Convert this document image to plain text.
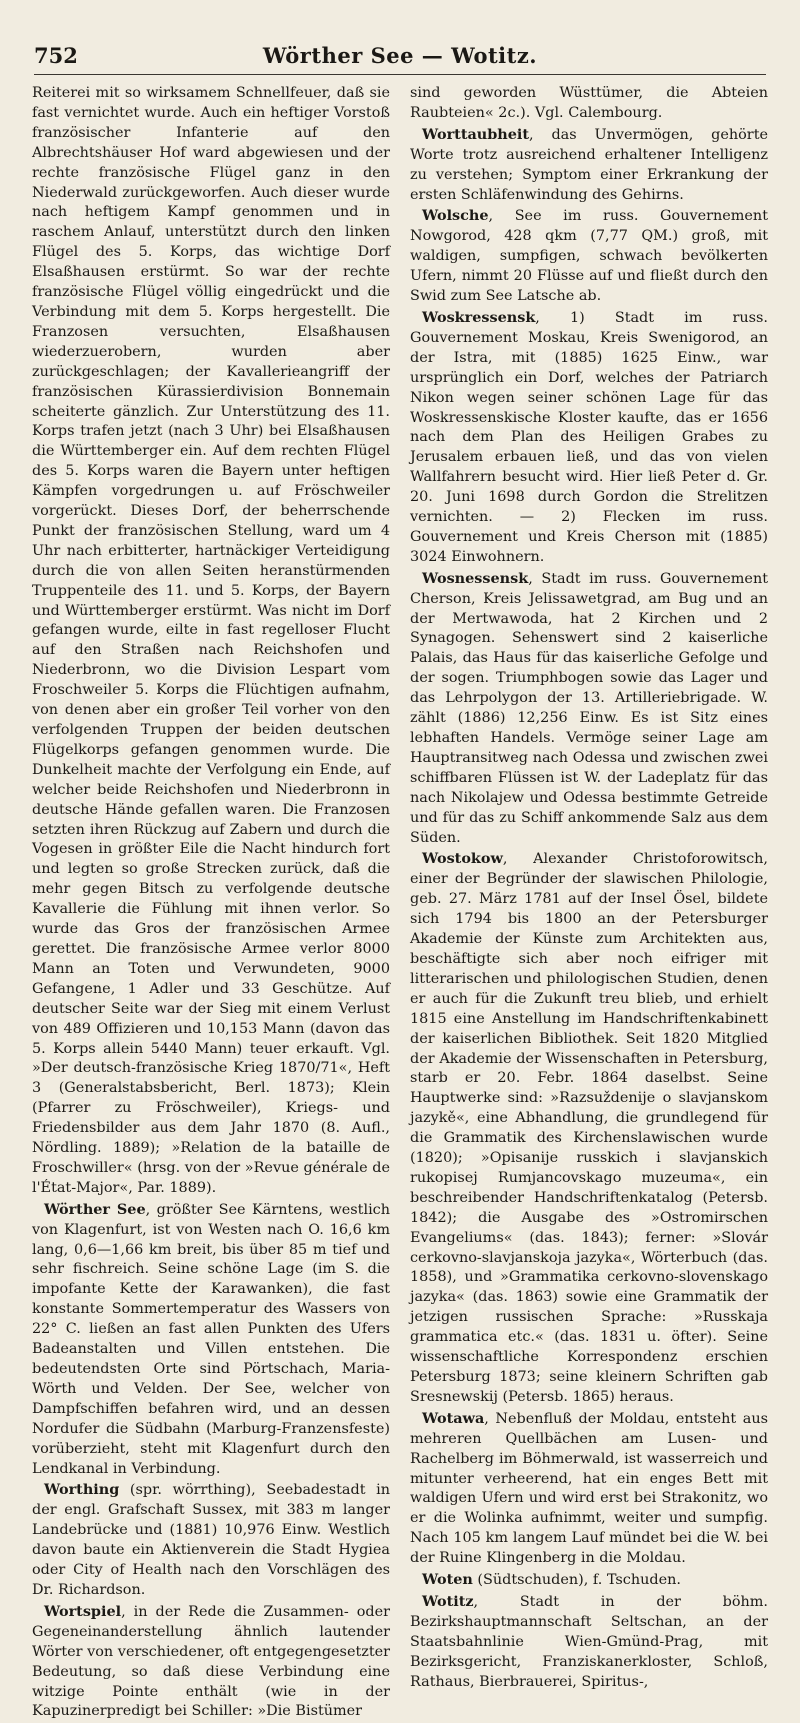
752	Wörther See — Wotitz.

Reiterei mit so wirksamem Schnellfeuer, daß sie fast vernichtet wurde. Auch ein heftiger Vorstoß französischer Infanterie auf den Albrechtshäuser Hof ward abgewiesen und der rechte französische Flügel ganz in den Niederwald zurückgeworfen. Auch dieser wurde nach heftigem Kampf genommen und in raschem Anlauf, unterstützt durch den linken Flügel des 5. Korps, das wichtige Dorf Elsaßhausen erstürmt. So war der rechte französische Flügel völlig eingedrückt und die Verbindung mit dem 5. Korps hergestellt. Die Franzosen versuchten, Elsaßhausen wiederzuerobern, wurden aber zurückgeschlagen; der Kavallerieangriff der französischen Kürassierdivision Bonnemain scheiterte gänzlich. Zur Unterstützung des 11. Korps trafen jetzt (nach 3 Uhr) bei Elsaßhausen die Württemberger ein. Auf dem rechten Flügel des 5. Korps waren die Bayern unter heftigen Kämpfen vorgedrungen u. auf Fröschweiler vorgerückt. Dieses Dorf, der beherrschende Punkt der französischen Stellung, ward um 4 Uhr nach erbitterter, hartnäckiger Verteidigung durch die von allen Seiten heranstürmenden Truppenteile des 11. und 5. Korps, der Bayern und Württemberger erstürmt. Was nicht im Dorf gefangen wurde, eilte in fast regelloser Flucht auf den Straßen nach Reichshofen und Niederbronn, wo die Division Lespart vom Froschweiler 5. Korps die Flüchtigen aufnahm, von denen aber ein großer Teil vorher von den verfolgenden Truppen der beiden deutschen Flügelkorps gefangen genommen wurde. Die Dunkelheit machte der Verfolgung ein Ende, auf welcher beide Reichshofen und Niederbronn in deutsche Hände gefallen waren. Die Franzosen setzten ihren Rückzug auf Zabern und durch die Vogesen in größter Eile die Nacht hindurch fort und legten so große Strecken zurück, daß die mehr gegen Bitsch zu verfolgende deutsche Kavallerie die Fühlung mit ihnen verlor. So wurde das Gros der französischen Armee gerettet. Die französische Armee verlor 8000 Mann an Toten und Verwundeten, 9000 Gefangene, 1 Adler und 33 Geschütze. Auf deutscher Seite war der Sieg mit einem Verlust von 489 Offizieren und 10,153 Mann (davon das 5. Korps allein 5440 Mann) teuer erkauft. Vgl. »Der deutsch-französische Krieg 1870/71«, Heft 3 (Generalstabsbericht, Berl. 1873); Klein (Pfarrer zu Fröschweiler), Kriegs- und Friedensbilder aus dem Jahr 1870 (8. Aufl., Nördling. 1889); »Relation de la bataille de Froschwiller« (hrsg. von der »Revue générale de l'État-Major«, Par. 1889).

Wörther See, größter See Kärntens, westlich von Klagenfurt, ist von Westen nach O. 16,6 km lang, 0,6—1,66 km breit, bis über 85 m tief und sehr fischreich. Seine schöne Lage (im S. die impofante Kette der Karawanken), die fast konstante Sommertemperatur des Wassers von 22° C. ließen an fast allen Punkten des Ufers Badeanstalten und Villen entstehen. Die bedeutendsten Orte sind Pörtschach, Maria-Wörth und Velden. Der See, welcher von Dampfschiffen befahren wird, und an dessen Nordufer die Südbahn (Marburg-Franzensfeste) vorüberzieht, steht mit Klagenfurt durch den Lendkanal in Verbindung.

Worthing (spr. wörrthing), Seebadestadt in der engl. Grafschaft Sussex, mit 383 m langer Landebrücke und (1881) 10,976 Einw. Westlich davon baute ein Aktienverein die Stadt Hygiea oder City of Health nach den Vorschlägen des Dr. Richardson.

Wortspiel, in der Rede die Zusammen- oder Gegeneinanderstellung ähnlich lautender Wörter von verschiedener, oft entgegengesetzter Bedeutung, so daß diese Verbindung eine witzige Pointe enthält (wie in der Kapuzinerpredigt bei Schiller: »Die Bistümer

sind geworden Wüsttümer, die Abteien Raubteien« 2c.). Vgl. Calembourg.

Worttaubheit, das Unvermögen, gehörte Worte trotz ausreichend erhaltener Intelligenz zu verstehen; Symptom einer Erkrankung der ersten Schläfenwindung des Gehirns.

Wolsche, See im russ. Gouvernement Nowgorod, 428 qkm (7,77 QM.) groß, mit waldigen, sumpfigen, schwach bevölkerten Ufern, nimmt 20 Flüsse auf und fließt durch den Swid zum See Latsche ab.

Woskressensk, 1) Stadt im russ. Gouvernement Moskau, Kreis Swenigorod, an der Istra, mit (1885) 1625 Einw., war ursprünglich ein Dorf, welches der Patriarch Nikon wegen seiner schönen Lage für das Woskressenskische Kloster kaufte, das er 1656 nach dem Plan des Heiligen Grabes zu Jerusalem erbauen ließ, und das von vielen Wallfahrern besucht wird. Hier ließ Peter d. Gr. 20. Juni 1698 durch Gordon die Strelitzen vernichten. — 2) Flecken im russ. Gouvernement und Kreis Cherson mit (1885) 3024 Einwohnern.

Wosnessensk, Stadt im russ. Gouvernement Cherson, Kreis Jelissawetgrad, am Bug und an der Mertwawoda, hat 2 Kirchen und 2 Synagogen. Sehenswert sind 2 kaiserliche Palais, das Haus für das kaiserliche Gefolge und der sogen. Triumphbogen sowie das Lager und das Lehrpolygon der 13. Artilleriebrigade. W. zählt (1886) 12,256 Einw. Es ist Sitz eines lebhaften Handels. Vermöge seiner Lage am Hauptransitweg nach Odessa und zwischen zwei schiffbaren Flüssen ist W. der Ladeplatz für das nach Nikolajew und Odessa bestimmte Getreide und für das zu Schiff ankommende Salz aus dem Süden.

Wostokow, Alexander Christoforowitsch, einer der Begründer der slawischen Philologie, geb. 27. März 1781 auf der Insel Ösel, bildete sich 1794 bis 1800 an der Petersburger Akademie der Künste zum Architekten aus, beschäftigte sich aber noch eifriger mit litterarischen und philologischen Studien, denen er auch für die Zukunft treu blieb, und erhielt 1815 eine Anstellung im Handschriftenkabinett der kaiserlichen Bibliothek. Seit 1820 Mitglied der Akademie der Wissenschaften in Petersburg, starb er 20. Febr. 1864 daselbst. Seine Hauptwerke sind: »Razsuždenije o slavjanskom jazykě«, eine Abhandlung, die grundlegend für die Grammatik des Kirchenslawischen wurde (1820); »Opisanije russkich i slavjanskich rukopisej Rumjancovskago muzeuma«, ein beschreibender Handschriftenkatalog (Petersb. 1842); die Ausgabe des »Ostromirschen Evangeliums« (das. 1843); ferner: »Slovár cerkovno-slavjanskoja jazyka«, Wörterbuch (das. 1858), und »Grammatika cerkovno-slovenskago jazyka« (das. 1863) sowie eine Grammatik der jetzigen russischen Sprache: »Russkaja grammatica etc.« (das. 1831 u. öfter). Seine wissenschaftliche Korrespondenz erschien Petersburg 1873; seine kleinern Schriften gab Sresnewskij (Petersb. 1865) heraus.

Wotawa, Nebenfluß der Moldau, entsteht aus mehreren Quellbächen am Lusen- und Rachelberg im Böhmerwald, ist wasserreich und mitunter verheerend, hat ein enges Bett mit waldigen Ufern und wird erst bei Strakonitz, wo er die Wolinka aufnimmt, weiter und sumpfig. Nach 105 km langem Lauf mündet bei die W. bei der Ruine Klingenberg in die Moldau.

Woten (Südtschuden), f. Tschuden.

Wotitz, Stadt in der böhm. Bezirkshauptmannschaft Seltschan, an der Staatsbahnlinie Wien-Gmünd-Prag, mit Bezirksgericht, Franziskanerkloster, Schloß, Rathaus, Bierbrauerei, Spiritus-,
